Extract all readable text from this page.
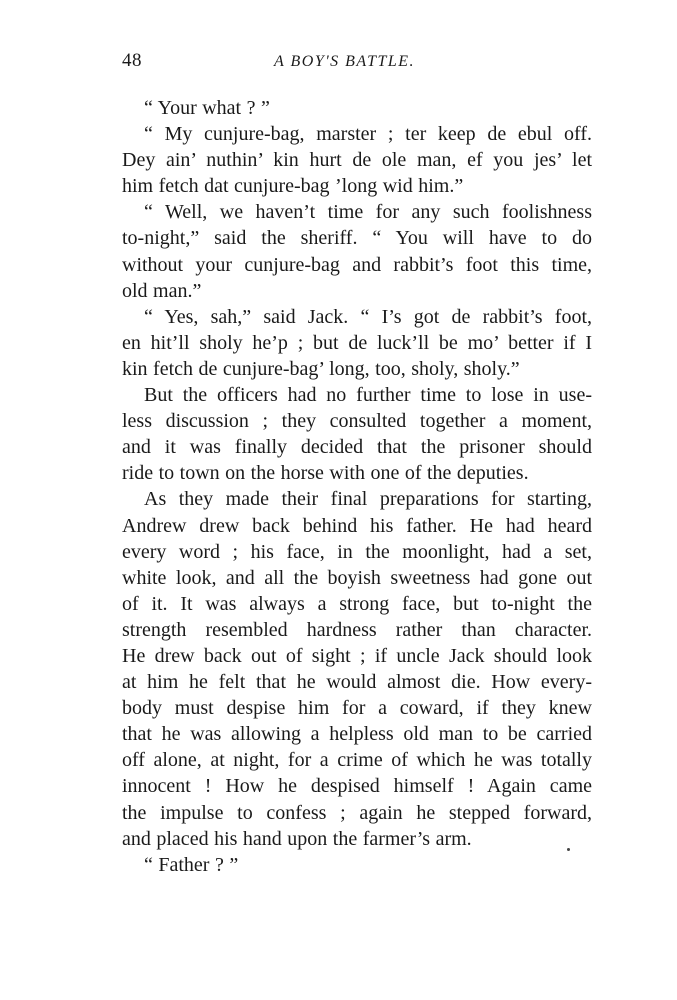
48	A BOY'S BATTLE.
“ Your what ? ”
“ My cunjure-bag, marster ; ter keep de ebul off.
Dey ain’ nuthin’ kin hurt de ole man, ef you jes’ let
him fetch dat cunjure-bag ’long wid him.”
“ Well, we haven’t time for any such foolishness
to-night,” said the sheriff. “ You will have to do
without your cunjure-bag and rabbit’s foot this time,
old man.”
“ Yes, sah,” said Jack. “ I’s got de rabbit’s foot,
en hit’ll sholy he’p ; but de luck’ll be mo’ better if I
kin fetch de cunjure-bag’ long, too, sholy, sholy.”
But the officers had no further time to lose in use-
less discussion ; they consulted together a moment,
and it was finally decided that the prisoner should
ride to town on the horse with one of the deputies.
As they made their final preparations for starting,
Andrew drew back behind his father. He had heard
every word ; his face, in the moonlight, had a set,
white look, and all the boyish sweetness had gone out
of it. It was always a strong face, but to-night the
strength resembled hardness rather than character.
He drew back out of sight ; if uncle Jack should look
at him he felt that he would almost die. How every-
body must despise him for a coward, if they knew
that he was allowing a helpless old man to be carried
off alone, at night, for a crime of which he was totally
innocent ! How he despised himself ! Again came
the impulse to confess ; again he stepped forward,
and placed his hand upon the farmer’s arm.
“ Father ? ”
